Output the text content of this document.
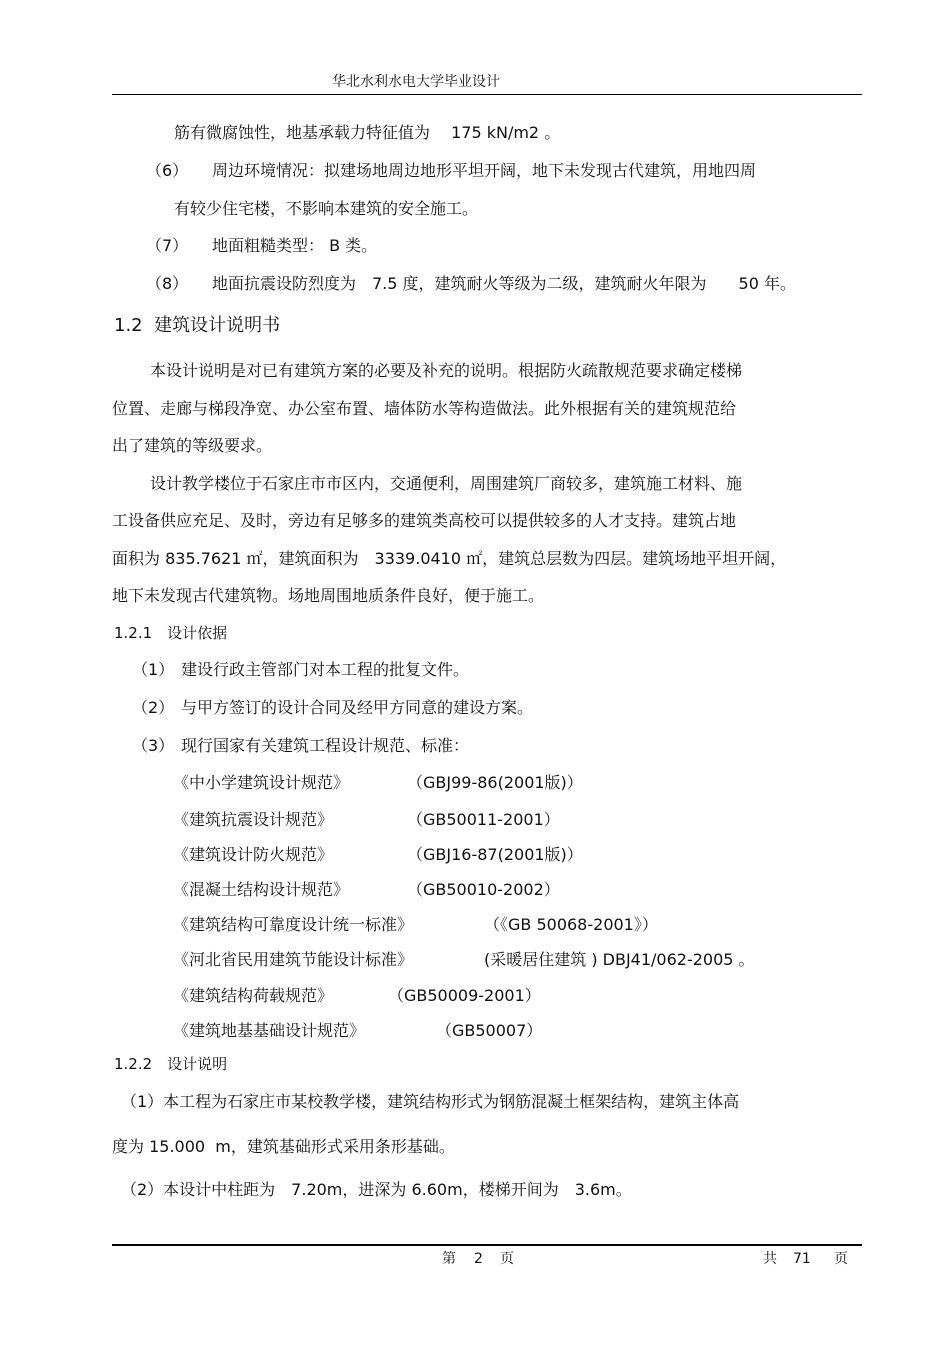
华北水利水电大学毕业设计
筋有微腐蚀性，地基承载力特征值为　 175 kN/m2 。
（6） 周边环境情况：拟建场地周边地形平坦开阔，地下未发现古代建筑，用地四周
有较少住宅楼，不影响本建筑的安全施工。
（7） 地面粗糙类型： B 类。
（8） 地面抗震设防烈度为　7.5 度，建筑耐火等级为二级，建筑耐火年限为　　50 年。
1.2  建筑设计说明书
本设计说明是对已有建筑方案的必要及补充的说明。根据防火疏散规范要求确定楼梯
位置、走廊与梯段净宽、办公室布置、墙体防水等构造做法。此外根据有关的建筑规范给
出了建筑的等级要求。
设计教学楼位于石家庄市市区内，交通便利，周围建筑厂商较多，建筑施工材料、施
工设备供应充足、及时，旁边有足够多的建筑类高校可以提供较多的人才支持。建筑占地
面积为 835.7621 ㎡，建筑面积为　3339.0410 ㎡，建筑总层数为四层。建筑场地平坦开阔，
地下未发现古代建筑物。场地周围地质条件良好，便于施工。
1.2.1　设计依据
（1） 建设行政主管部门对本工程的批复文件。
（2） 与甲方签订的设计合同及经甲方同意的建设方案。
（3） 现行国家有关建筑工程设计规范、标准：
《中小学建筑设计规范》	（GBJ99-86(2001版)）
《建筑抗震设计规范》	（GB50011-2001）
《建筑设计防火规范》	（GBJ16-87(2001版)）
《混凝土结构设计规范》	（GB50010-2002）
《建筑结构可靠度设计统一标准》	（《GB 50068-2001》）
《河北省民用建筑节能设计标准》	(采暖居住建筑 ) DBJ41/062-2005 。
《建筑结构荷载规范》	（GB50009-2001）
《建筑地基基础设计规范》	（GB50007）
1.2.2　设计说明
（1）本工程为石家庄市某校教学楼，建筑结构形式为钢筋混凝土框架结构，建筑主体高
度为 15.000  m，建筑基础形式采用条形基础。
（2）本设计中柱距为　7.20m，进深为 6.60m，楼梯开间为　3.6m。
第 2 页	共 71 页
